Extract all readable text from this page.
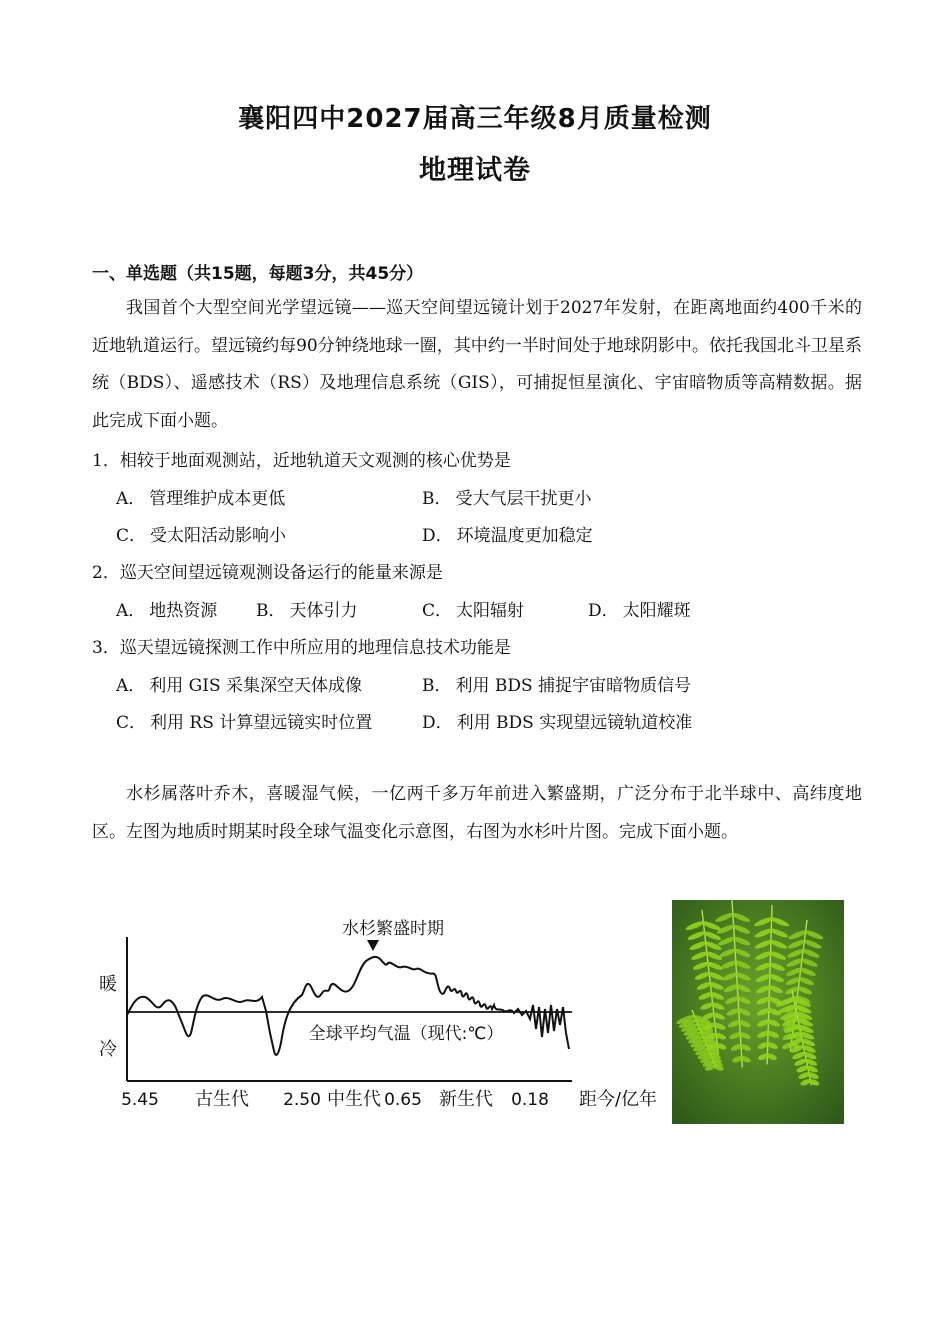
襄阳四中2027届高三年级8月质量检测
地理试卷
一、单选题（共15题，每题3分，共45分）
我国首个大型空间光学望远镜——巡天空间望远镜计划于2027年发射，在距离地面约400千米的近地轨道运行。望远镜约每90分钟绕地球一圈，其中约一半时间处于地球阴影中。依托我国北斗卫星系统（BDS）、遥感技术（RS）及地理信息系统（GIS），可捕捉恒星演化、宇宙暗物质等高精数据。据此完成下面小题。
1．相较于地面观测站，近地轨道天文观测的核心优势是
A． 管理维护成本更低	B． 受大气层干扰更小
C． 受太阳活动影响小	D． 环境温度更加稳定
2．巡天空间望远镜观测设备运行的能量来源是
A． 地热资源 B． 天体引力	C． 太阳辐射	D． 太阳耀斑
3．巡天望远镜探测工作中所应用的地理信息技术功能是
A． 利用 GIS 采集深空天体成像	B． 利用 BDS 捕捉宇宙暗物质信号
C． 利用 RS 计算望远镜实时位置	D． 利用 BDS 实现望远镜轨道校准
水杉属落叶乔木，喜暖湿气候，一亿两千多万年前进入繁盛期，广泛分布于北半球中、高纬度地区。左图为地质时期某时段全球气温变化示意图，右图为水杉叶片图。完成下面小题。
水杉繁盛时期
暖
冷
全球平均气温（现代:℃）
5.45 古生代 2.50 中生代 0.65 新生代 0.18 距今/亿年
